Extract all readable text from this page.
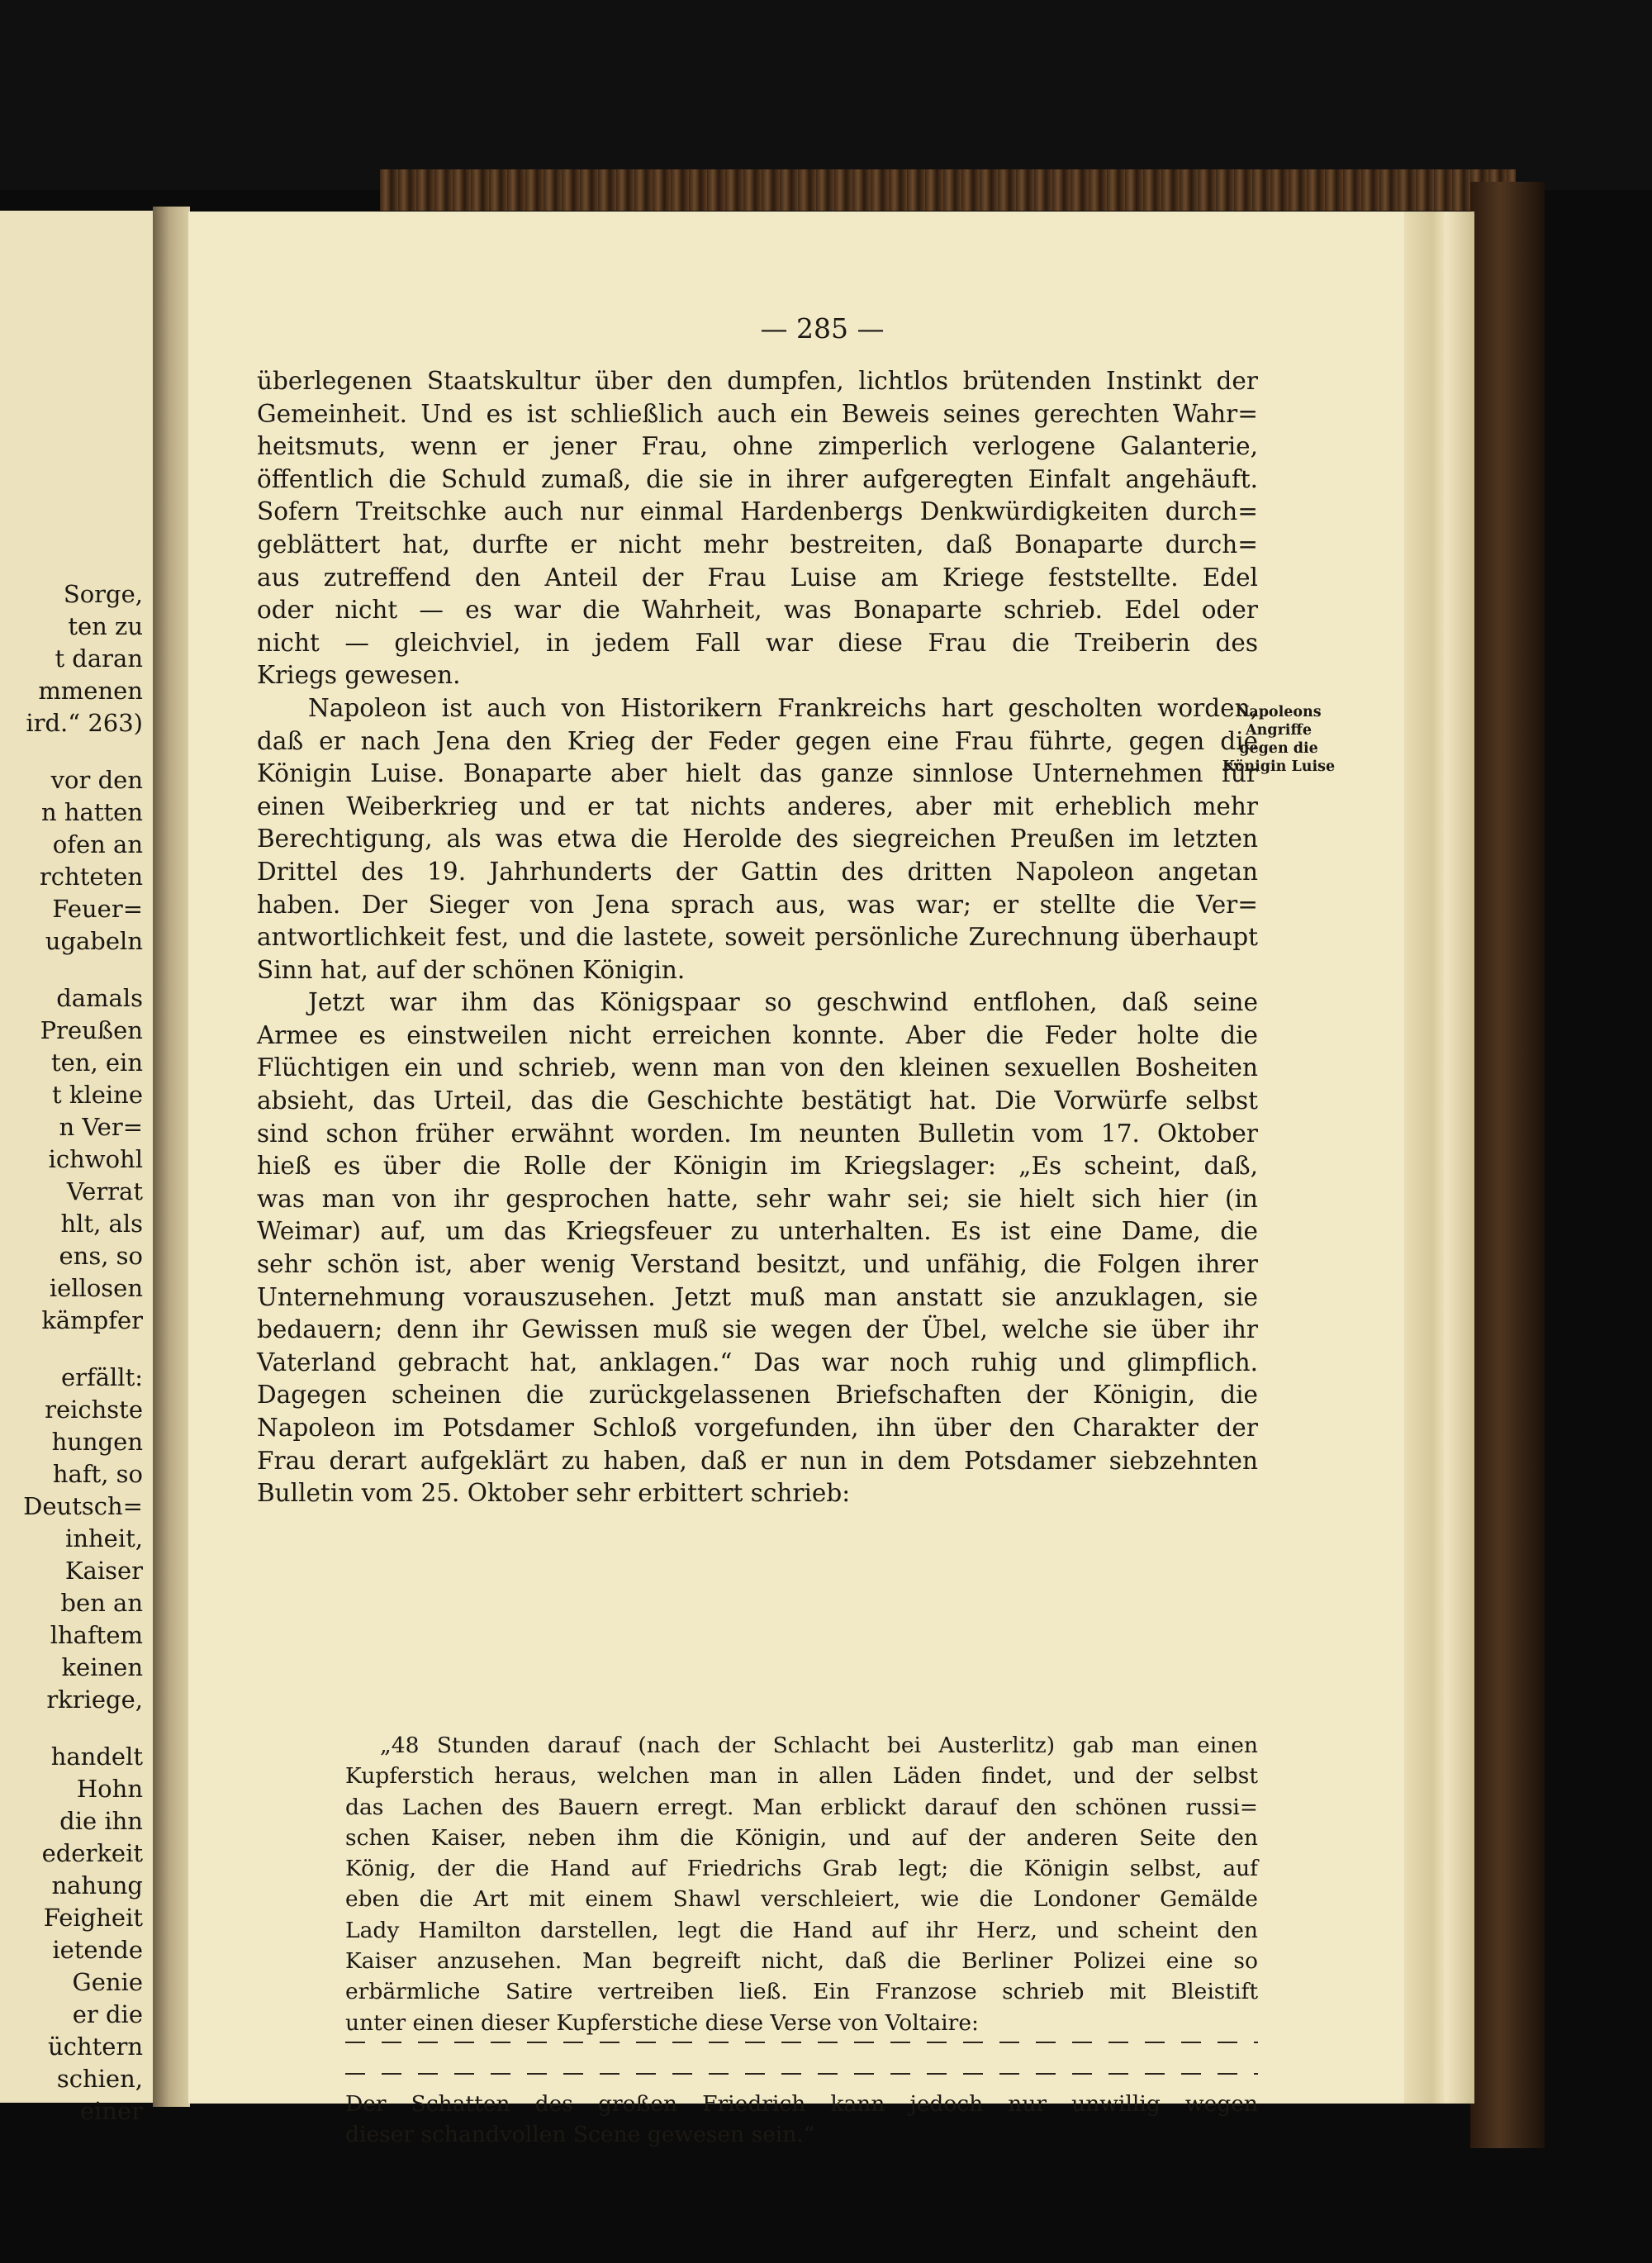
Sorge,
ten zu
t daran
mmenen
ird.“ 263)
vor den
n hatten
ofen an
rchteten
Feuer=
ugabeln
damals
Preußen
ten, ein
t kleine
n Ver=
ichwohl
Verrat
hlt, als
ens, so
iellosen
kämpfer
erfällt:
reichste
hungen
haft, so
Deutsch=
inheit,
Kaiser
ben an
lhaftem
keinen
rkriege,
handelt
Hohn
die ihn
ederkeit
nahung
Feigheit
ietende
Genie
er die
üchtern
schien,
einer
— 285 —
überlegenen Staatskultur über den dumpfen, lichtlos brütenden Instinkt der
Gemeinheit. Und es ist schließlich auch ein Beweis seines gerechten Wahr=
heitsmuts, wenn er jener Frau, ohne zimperlich verlogene Galanterie,
öffentlich die Schuld zumaß, die sie in ihrer aufgeregten Einfalt angehäuft.
Sofern Treitschke auch nur einmal Hardenbergs Denkwürdigkeiten durch=
geblättert hat, durfte er nicht mehr bestreiten, daß Bonaparte durch=
aus zutreffend den Anteil der Frau Luise am Kriege feststellte. Edel
oder nicht — es war die Wahrheit, was Bonaparte schrieb. Edel oder
nicht — gleichviel, in jedem Fall war diese Frau die Treiberin des
Kriegs gewesen.
Napoleon ist auch von Historikern Frankreichs hart gescholten worden,
daß er nach Jena den Krieg der Feder gegen eine Frau führte, gegen die
Königin Luise. Bonaparte aber hielt das ganze sinnlose Unternehmen für
einen Weiberkrieg und er tat nichts anderes, aber mit erheblich mehr
Berechtigung, als was etwa die Herolde des siegreichen Preußen im letzten
Drittel des 19. Jahrhunderts der Gattin des dritten Napoleon angetan
haben. Der Sieger von Jena sprach aus, was war; er stellte die Ver=
antwortlichkeit fest, und die lastete, soweit persönliche Zurechnung überhaupt
Sinn hat, auf der schönen Königin.
Jetzt war ihm das Königspaar so geschwind entflohen, daß seine
Armee es einstweilen nicht erreichen konnte. Aber die Feder holte die
Flüchtigen ein und schrieb, wenn man von den kleinen sexuellen Bosheiten
absieht, das Urteil, das die Geschichte bestätigt hat. Die Vorwürfe selbst
sind schon früher erwähnt worden. Im neunten Bulletin vom 17. Oktober
hieß es über die Rolle der Königin im Kriegslager: „Es scheint, daß,
was man von ihr gesprochen hatte, sehr wahr sei; sie hielt sich hier (in
Weimar) auf, um das Kriegsfeuer zu unterhalten. Es ist eine Dame, die
sehr schön ist, aber wenig Verstand besitzt, und unfähig, die Folgen ihrer
Unternehmung vorauszusehen. Jetzt muß man anstatt sie anzuklagen, sie
bedauern; denn ihr Gewissen muß sie wegen der Übel, welche sie über ihr
Vaterland gebracht hat, anklagen.“ Das war noch ruhig und glimpflich.
Dagegen scheinen die zurückgelassenen Briefschaften der Königin, die
Napoleon im Potsdamer Schloß vorgefunden, ihn über den Charakter der
Frau derart aufgeklärt zu haben, daß er nun in dem Potsdamer siebzehnten
Bulletin vom 25. Oktober sehr erbittert schrieb:
Napoleons
Angriffe
gegen die
Königin Luise
„48 Stunden darauf (nach der Schlacht bei Austerlitz) gab man einen
Kupferstich heraus, welchen man in allen Läden findet, und der selbst
das Lachen des Bauern erregt. Man erblickt darauf den schönen russi=
schen Kaiser, neben ihm die Königin, und auf der anderen Seite den
König, der die Hand auf Friedrichs Grab legt; die Königin selbst, auf
eben die Art mit einem Shawl verschleiert, wie die Londoner Gemälde
Lady Hamilton darstellen, legt die Hand auf ihr Herz, und scheint den
Kaiser anzusehen. Man begreift nicht, daß die Berliner Polizei eine so
erbärmliche Satire vertreiben ließ. Ein Franzose schrieb mit Bleistift
unter einen dieser Kupferstiche diese Verse von Voltaire:
Der Schatten des großen Friedrich kann jedoch nur unwillig wegen
dieser schandvollen Scene gewesen sein.“
